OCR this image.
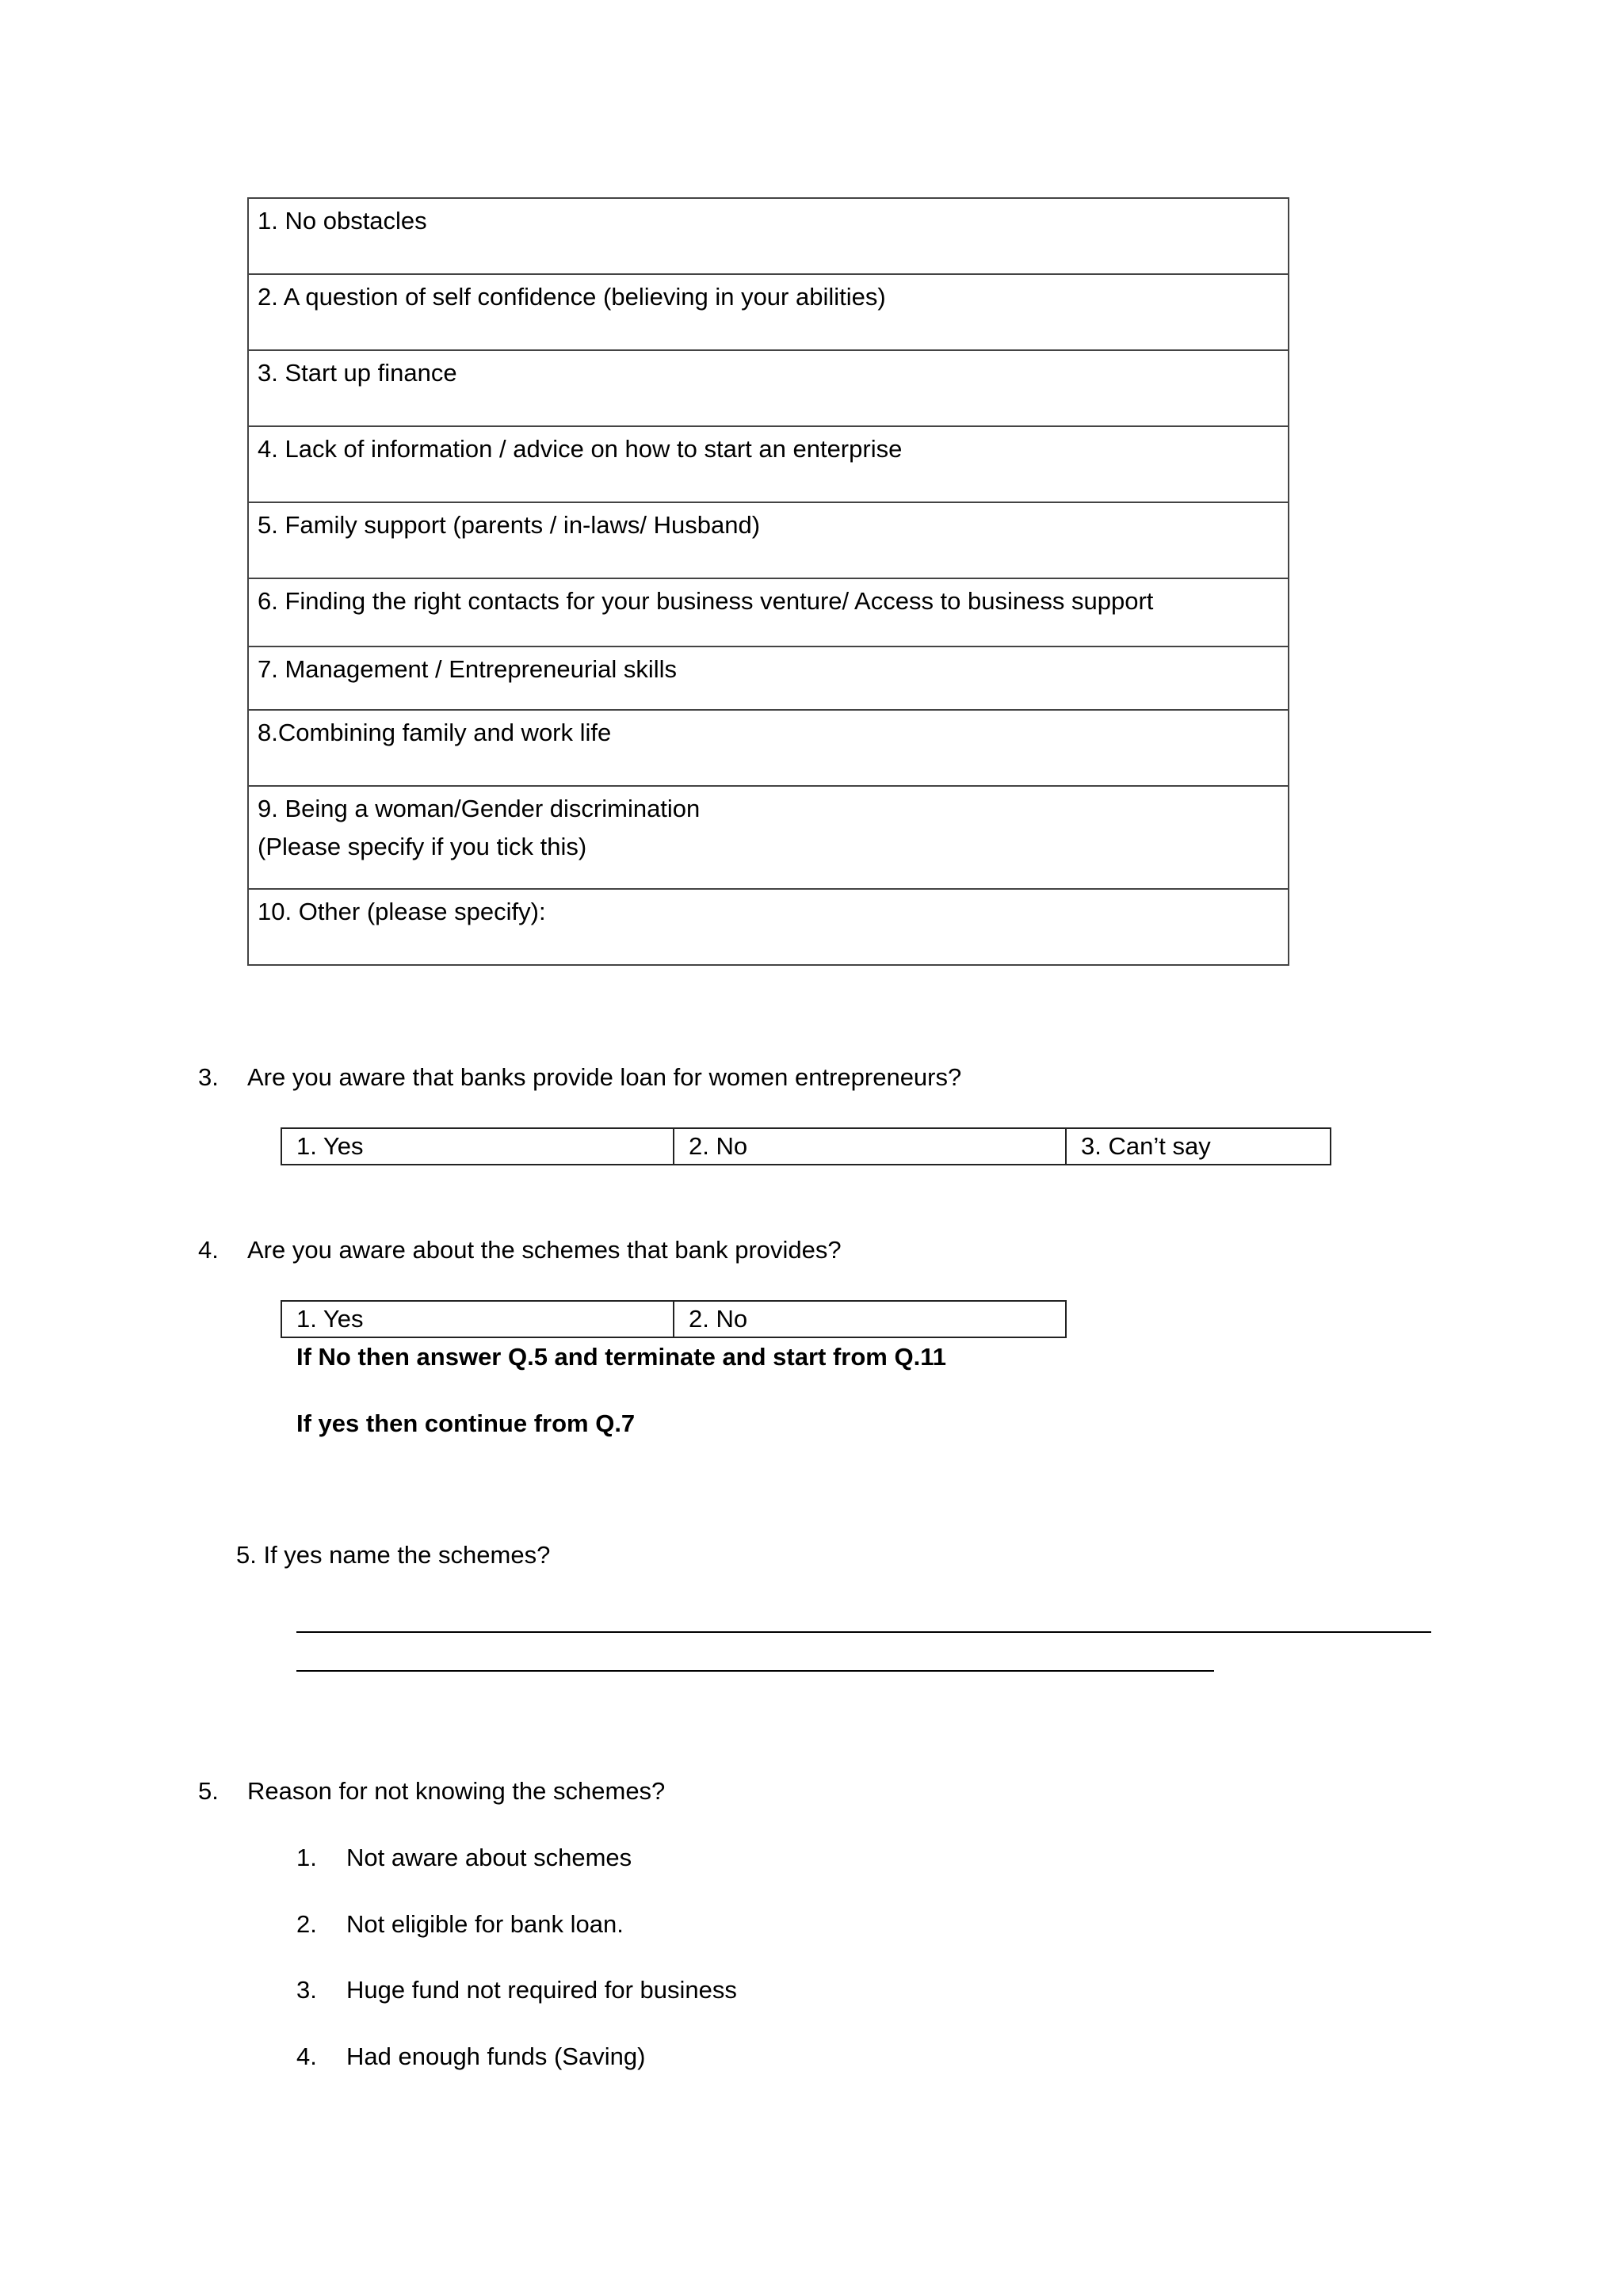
1. No obstacles
2. A question of self confidence (believing in your abilities)
3. Start up finance
4. Lack of information / advice on how to start an enterprise
5. Family support (parents / in-laws/ Husband)
6. Finding the right contacts for your business venture/ Access to business support
7. Management / Entrepreneurial skills
8.Combining family and work life
9. Being a woman/Gender discrimination
(Please specify if you tick this)
10. Other (please specify):
3. Are you aware that banks provide loan for women entrepreneurs?
1. Yes	2. No	3. Can’t say
4. Are you aware about the schemes that bank provides?
1. Yes	2. No
If No then answer Q.5 and terminate and start from Q.11
If yes then continue from Q.7
5. If yes name the schemes?
5. Reason for not knowing the schemes?
1. Not aware about schemes
2. Not eligible for bank loan.
3. Huge fund not required for business
4. Had enough funds (Saving)
